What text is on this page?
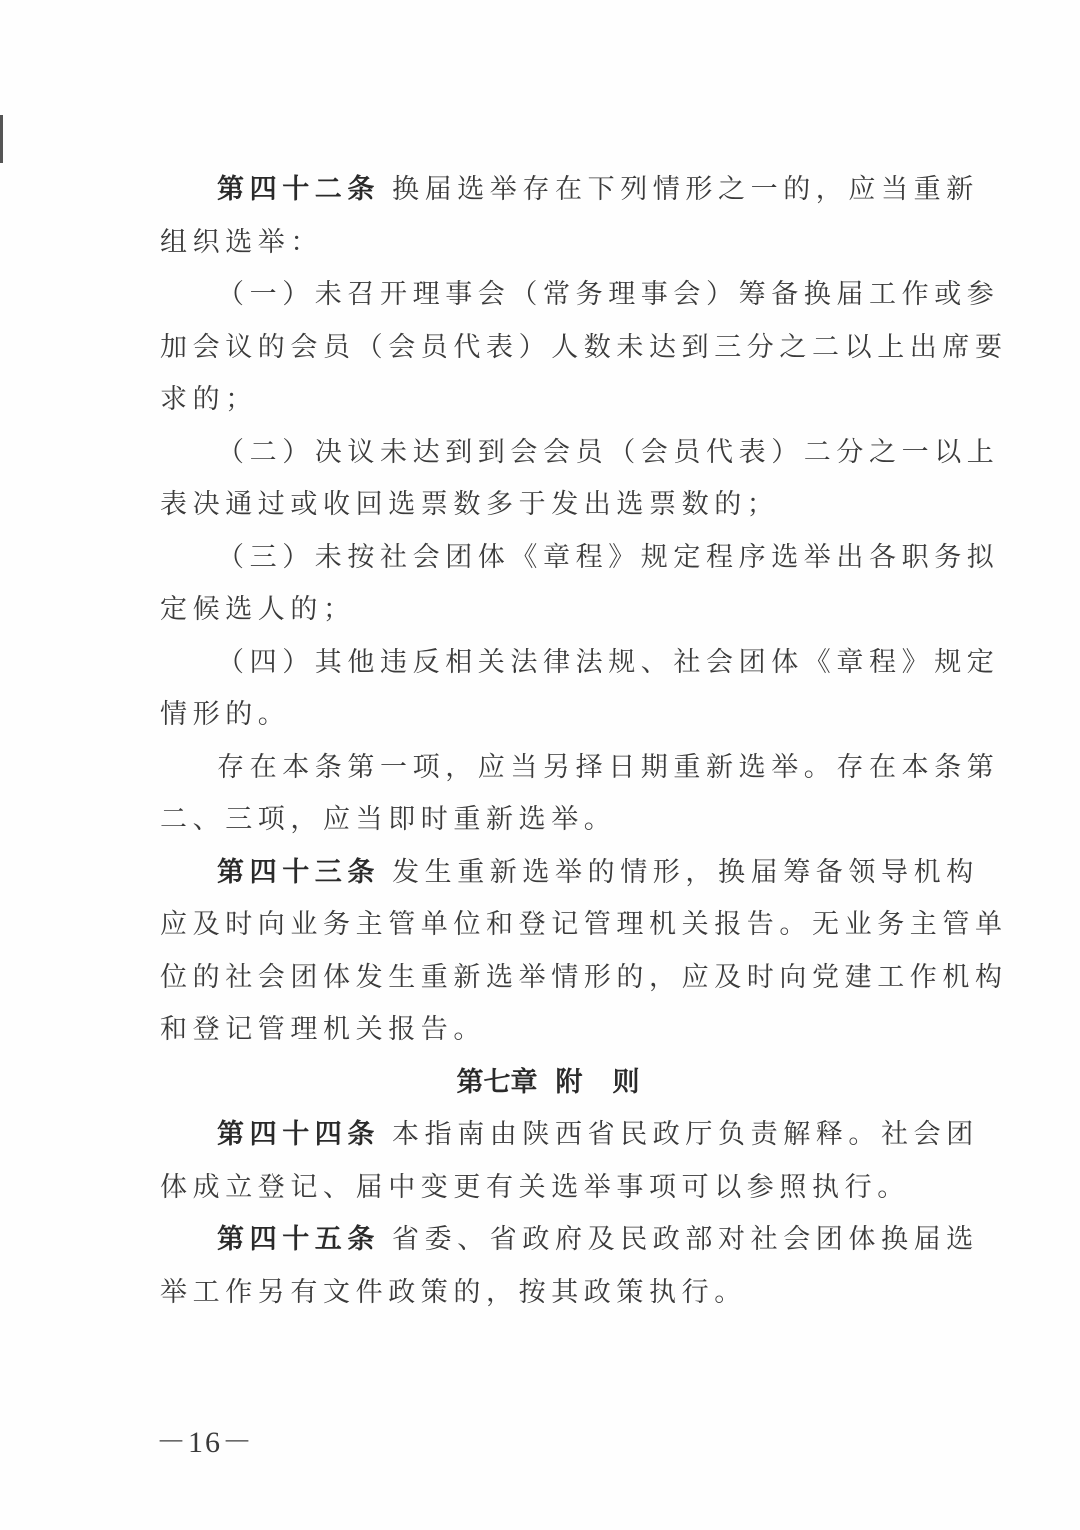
第四十二条 换届选举存在下列情形之一的，应当重新
组织选举：
（一）未召开理事会（常务理事会）筹备换届工作或参
加会议的会员（会员代表）人数未达到三分之二以上出席要
求的；
（二）决议未达到到会会员（会员代表）二分之一以上
表决通过或收回选票数多于发出选票数的；
（三）未按社会团体《章程》规定程序选举出各职务拟
定候选人的；
（四）其他违反相关法律法规、社会团体《章程》规定
情形的。
存在本条第一项，应当另择日期重新选举。存在本条第
二、三项，应当即时重新选举。
第四十三条 发生重新选举的情形，换届筹备领导机构
应及时向业务主管单位和登记管理机关报告。无业务主管单
位的社会团体发生重新选举情形的，应及时向党建工作机构
和登记管理机关报告。
第七章 附 则
第四十四条 本指南由陕西省民政厅负责解释。社会团
体成立登记、届中变更有关选举事项可以参照执行。
第四十五条 省委、省政府及民政部对社会团体换届选
举工作另有文件政策的，按其政策执行。
－16－
